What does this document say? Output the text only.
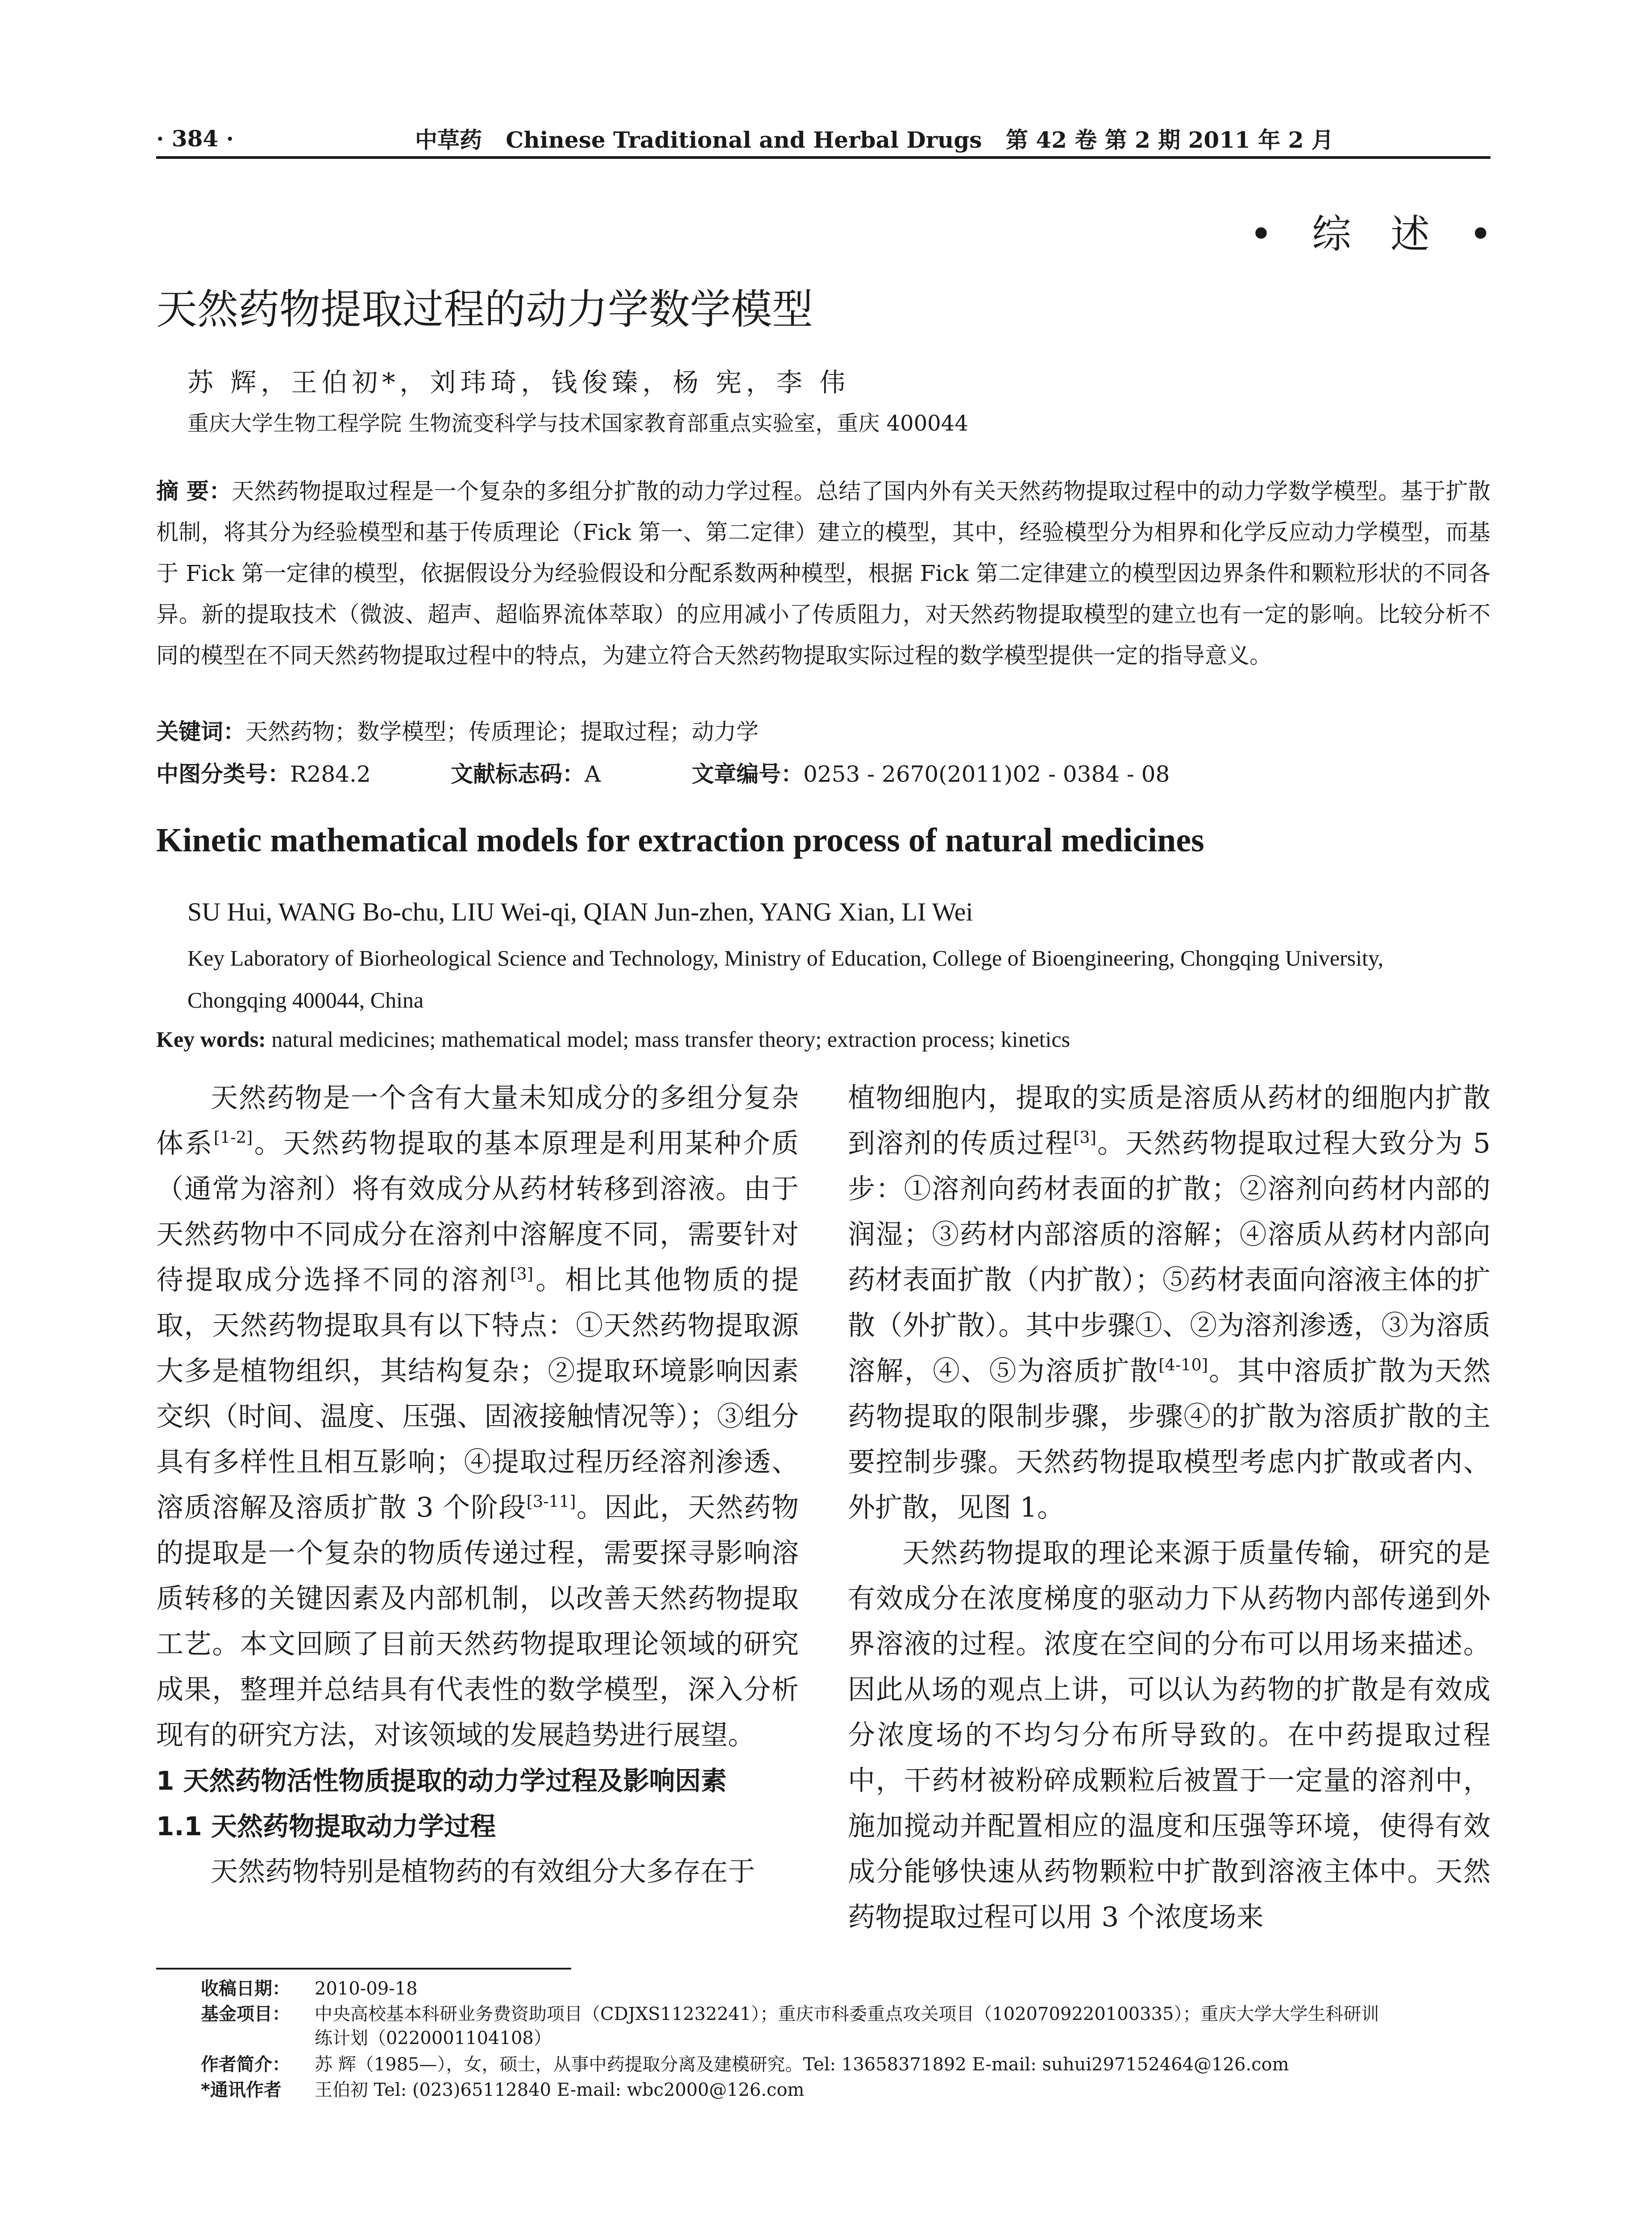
· 384 ·	中草药 Chinese Traditional and Herbal Drugs 第 42 卷 第 2 期 2011 年 2 月
• 综 述 •
天然药物提取过程的动力学数学模型
苏 辉，王伯初*，刘玮琦，钱俊臻，杨 宪，李 伟
重庆大学生物工程学院 生物流变科学与技术国家教育部重点实验室，重庆 400044
摘 要：天然药物提取过程是一个复杂的多组分扩散的动力学过程。总结了国内外有关天然药物提取过程中的动力学数学模型。基于扩散机制，将其分为经验模型和基于传质理论（Fick 第一、第二定律）建立的模型，其中，经验模型分为相界和化学反应动力学模型，而基于 Fick 第一定律的模型，依据假设分为经验假设和分配系数两种模型，根据 Fick 第二定律建立的模型因边界条件和颗粒形状的不同各异。新的提取技术（微波、超声、超临界流体萃取）的应用减小了传质阻力，对天然药物提取模型的建立也有一定的影响。比较分析不同的模型在不同天然药物提取过程中的特点，为建立符合天然药物提取实际过程的数学模型提供一定的指导意义。
关键词：天然药物；数学模型；传质理论；提取过程；动力学
中图分类号：R284.2	文献标志码：A	文章编号：0253 - 2670(2011)02 - 0384 - 08
Kinetic mathematical models for extraction process of natural medicines
SU Hui, WANG Bo-chu, LIU Wei-qi, QIAN Jun-zhen, YANG Xian, LI Wei
Key Laboratory of Biorheological Science and Technology, Ministry of Education, College of Bioengineering, Chongqing University, Chongqing 400044, China
Key words: natural medicines; mathematical model; mass transfer theory; extraction process; kinetics

天然药物是一个含有大量未知成分的多组分复杂体系[1-2]。天然药物提取的基本原理是利用某种介质（通常为溶剂）将有效成分从药材转移到溶液。由于天然药物中不同成分在溶剂中溶解度不同，需要针对待提取成分选择不同的溶剂[3]。相比其他物质的提取，天然药物提取具有以下特点：①天然药物提取源大多是植物组织，其结构复杂；②提取环境影响因素交织（时间、温度、压强、固液接触情况等）；③组分具有多样性且相互影响；④提取过程历经溶剂渗透、溶质溶解及溶质扩散 3 个阶段[3-11]。因此，天然药物的提取是一个复杂的物质传递过程，需要探寻影响溶质转移的关键因素及内部机制，以改善天然药物提取工艺。本文回顾了目前天然药物提取理论领域的研究成果，整理并总结具有代表性的数学模型，深入分析现有的研究方法，对该领域的发展趋势进行展望。

1 天然药物活性物质提取的动力学过程及影响因素

1.1 天然药物提取动力学过程

天然药物特别是植物药的有效组分大多存在于

植物细胞内，提取的实质是溶质从药材的细胞内扩散到溶剂的传质过程[3]。天然药物提取过程大致分为 5 步：①溶剂向药材表面的扩散；②溶剂向药材内部的润湿；③药材内部溶质的溶解；④溶质从药材内部向药材表面扩散（内扩散）；⑤药材表面向溶液主体的扩散（外扩散）。其中步骤①、②为溶剂渗透，③为溶质溶解，④、⑤为溶质扩散[4-10]。其中溶质扩散为天然药物提取的限制步骤，步骤④的扩散为溶质扩散的主要控制步骤。天然药物提取模型考虑内扩散或者内、外扩散，见图 1。

天然药物提取的理论来源于质量传输，研究的是有效成分在浓度梯度的驱动力下从药物内部传递到外界溶液的过程。浓度在空间的分布可以用场来描述。因此从场的观点上讲，可以认为药物的扩散是有效成分浓度场的不均匀分布所导致的。在中药提取过程中，干药材被粉碎成颗粒后被置于一定量的溶剂中，施加搅动并配置相应的温度和压强等环境，使得有效成分能够快速从药物颗粒中扩散到溶液主体中。天然药物提取过程可以用 3 个浓度场来

收稿日期：	2010-09-18
基金项目：	中央高校基本科研业务费资助项目（CDJXS11232241）；重庆市科委重点攻关项目（1020709220100335）；重庆大学大学生科研训
练计划（0220001104108）
作者简介：	苏 辉（1985—），女，硕士，从事中药提取分离及建模研究。Tel: 13658371892 E-mail: suhui297152464@126.com
*通讯作者	王伯初 Tel: (023)65112840 E-mail: wbc2000@126.com
